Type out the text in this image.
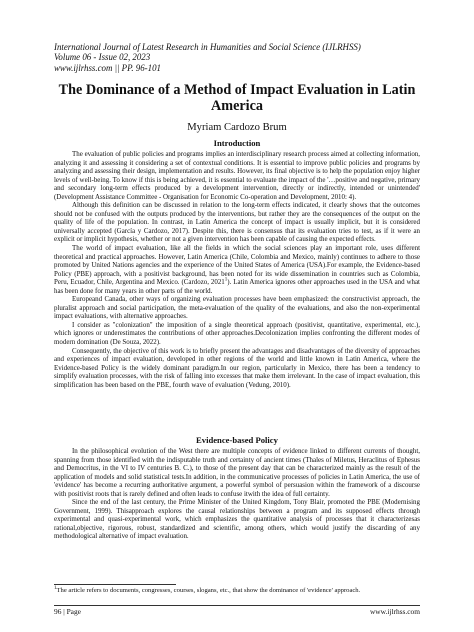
International Journal of Latest Research in Humanities and Social Science (IJLRHSS)
Volume 06 - Issue 02, 2023
www.ijlrhss.com || PP. 96-101
The Dominance of a Method of Impact Evaluation in Latin America
Myriam Cardozo Brum
Introduction

The evaluation of public policies and programs implies an interdisciplinary research process aimed at collecting information, analyzing it and assessing it considering a set of contextual conditions. It is essential to improve public policies and programs by analyzing and assessing their design, implementation and results. However, its final objective is to help the population enjoy higher levels of well-being. To know if this is being achieved, it is essential to evaluate the impact of the '…positive and negative, primary and secondary long-term effects produced by a development intervention, directly or indirectly, intended or unintended' (Development Assistance Committee - Organisation for Economic Co-operation and Development, 2010: 4).

Although this definition can be discussed in relation to the long-term effects indicated, it clearly shows that the outcomes should not be confused with the outputs produced by the interventions, but rather they are the consequences of the output on the quality of life of the population. In contrast, in Latin America the concept of impact is usually implicit, but it is considered universally accepted (García y Cardozo, 2017). Despite this, there is consensus that its evaluation tries to test, as if it were an explicit or implicit hypothesis, whether or not a given intervention has been capable of causing the expected effects.

The world of impact evaluation, like all the fields in which the social sciences play an important role, uses different theoretical and practical approaches. However, Latin America (Chile, Colombia and Mexico, mainly) continues to adhere to those promoted by United Nations agencies and the experience of the United States of America (USA).For example, the Evidence-based Policy (PBE) approach, with a positivist background, has been noted for its wide dissemination in countries such as Colombia, Peru, Ecuador, Chile, Argentina and Mexico. (Cardozo, 2021$^1$). Latin America ignores other approaches used in the USA and what has been done for many years in other parts of the world.

Europeand Canada, other ways of organizing evaluation processes have been emphasized: the constructivist approach, the pluralist approach and social participation, the meta-evaluation of the quality of the evaluations, and also the non-experimental impact evaluations, with alternative approaches.

I consider as "colonization" the imposition of a single theoretical approach (positivist, quantitative, experimental, etc.), which ignores or underestimates the contributions of other approaches.Decolonization implies confronting the different modes of modern domination (De Souza, 2022).

Consequently, the objective of this work is to briefly present the advantages and disadvantages of the diversity of approaches and experiences of impact evaluation, developed in other regions of the world and little known in Latin America, where the Evidence-based Policy is the widely dominant paradigm.In our region, particularly in Mexico, there has been a tendency to simplify evaluation processes, with the risk of falling into excesses that make them irrelevant. In the case of impact evaluation, this simplification has been based on the PBE, fourth wave of evaluation (Vedung, 2010).

Evidence-based Policy

In the philosophical evolution of the West there are multiple concepts of evidence linked to different currents of thought, spanning from those identified with the indisputable truth and certainty of ancient times (Thales of Miletus, Heraclitus of Ephesus and Democritus, in the VI to IV centuries B. C.), to those of the present day that can be characterized mainly as the result of the application of models and solid statistical tests.In addition, in the communicative processes of policies in Latin America, the use of 'evidence' has become a recurring authoritative argument, a powerful symbol of persuasion within the framework of a discourse with positivist roots that is rarely defined and often leads to confuse itwith the idea of full certainty.

Since the end of the last century, the Prime Minister of the United Kingdom, Tony Blair, promoted the PBE (Modernising Government, 1999). Thisapproach explores the causal relationships between a program and its supposed effects through experimental and quasi-experimental work, which emphasizes the quantitative analysis of processes that it characterizesas rational,objective, rigorous, robust, standardized and scientific, among others, which would justify the discarding of any methodological alternative of impact evaluation.

$^1$The article refers to documents, congresses, courses, slogans, etc., that show the dominance of 'evidence' approach.
96 | Page	www.ijlrhss.com
